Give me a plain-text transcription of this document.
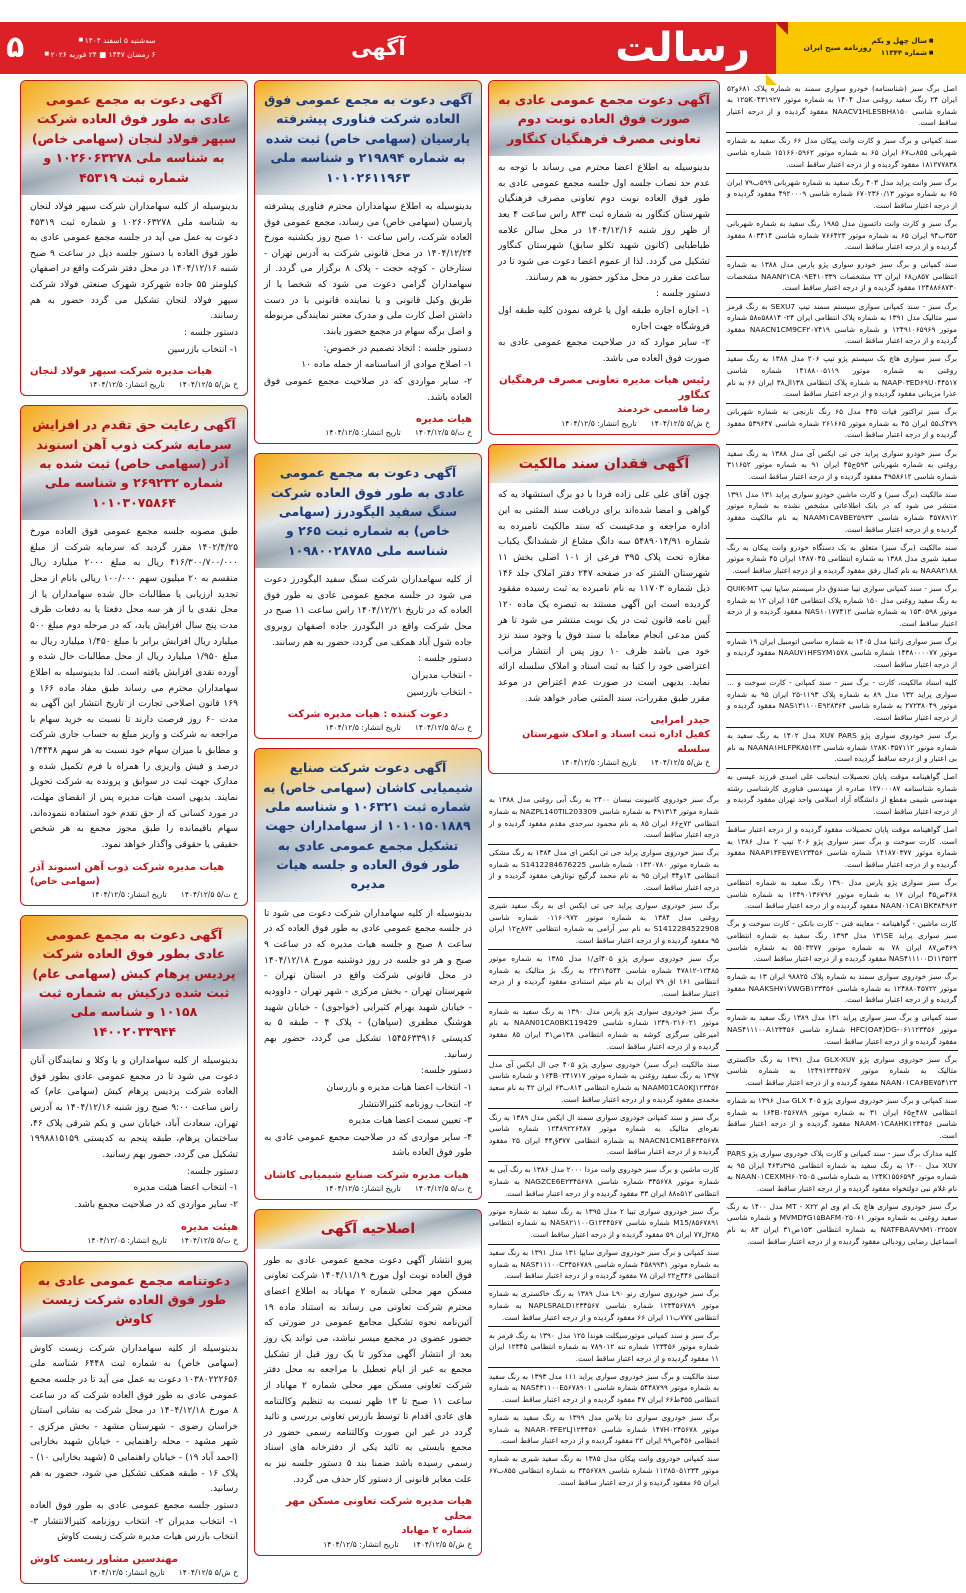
■ سال چهل و یکم
■ شماره ۱۱۳۴۴
روزنامه صبح ایران
رسالت
آگهی
سه‌شنبه ۵ اسفند ۱۴۰۴ ■
۶ رمضان ۱۴۴۷ ■ ۲۴ فوریه ۲۰۲۶ ■
۵
اصل برگ سبز (شناسنامه) خودرو سواری سمند به شماره پلاک ۶۸۱و۵۲ ایران ۲۴ رنگ سفید روغنی مدل ۱۴۰۴ به شماره موتور ۱۲۵K۰۴۳۱۹۲۷ به شماره شاسی NAACV1HLESBH۸۱۵۰ مفقود گردیده و از درجه اعتبار ساقط است.
سند کمپانی و برگ سبز و کارت وانت پیکان مدل ۶۶ رنگ سفید به شماره شهربانی ۸۵۵ب۶۷ ایران ۶۵ به شماره موتور ۱۵۱۶۶۰۵۹۶۲ شماره شاسی ۱۸۱۲۷۷۸۳۸ مفقود گردیده و از درجه اعتبار ساقط است.
برگ سبز وانت پراید مدل ۴۰۳ رنگ سفید به شماره شهربانی ۵۹۹ب۷۹ ایران ۶۵ به شماره موتور ۶۷۰۲۳۶۰/۱۳ شماره شاسی ۴۹۲۰۰۰۹ مفقود گردیده و از درجه اعتبار ساقط است.
برگ سبز و کارت وانت داتسون مدل ۱۹۸۵ رنگ سفید به شماره شهربانی ۳۵۳ب۹۴ ایران ۶۵ به شماره موتور ۷۶۶۴۲۳ شماره شاسی ۸۰۳۴۱۴ مفقود گردیده و از درجه اعتبار ساقط است.
سند کمپانی و برگ سبز خودرو سواری پژو پارس مدل ۱۳۸۸ به شماره انتظامی ۸۵۷ن۶۸ ایران ۲۳ مشخصات NAAN۲۱CA۰۹E۴۱۰۳۳۹ مشخصات ۱۲۴۸۸۶۸۷۳۰ مفقود گردیده و از درجه اعتبار ساقط است.
برگ سبز - سند کمپانی سواری سیستم سمند تیپ SEXU7 به رنگ قرمز سیر متالیک مدل ۱۳۹۱ به شماره پلاک انتظامی ایران ۲۴- ۵۸۸۱۴ه۵۸ شماره موتور ۱۲۴۹۱۰۶۵۹۶۹ و شماره شاسی NAACN1CM9CF۲۰۷۴۱۹ مفقود گردیده و از درجه اعتبار ساقط است.
برگ سبز سواری هاچ بک سیستم پژو تیپ ۲۰۶ مدل ۱۳۸۸ به رنگ سفید روغنی به شماره موتور ۱۴۱۸۸۰۰۵۱۱۹ شماره شاسی NAAP۰۳ED۶۹U۰۴۴۵۱۷ به شماره پلاک انتظامی ۱۳۸ال۳۸ ایران ۶۶ به نام عذرا مزینانی مفقود گردیده و از درجه اعتبار ساقط است.
برگ سبز تراکتور فیات ۴۴۵ مدل ۶۵ رنگ نارنجی به شماره شهربانی ۴۷۹ک۵۵ ایران ۴۵ به شماره موتور ۲۶۱۶۶۵ شماره شاسی ۵۳۹۶۴۷ مفقود گردیده و از درجه اعتبار ساقط است.
برگ سبز خودرو سواری پراید جی تی ایکس آی مدل ۱۳۸۸ به رنگ سفید روغنی به شماره شهربانی ۵۹۳ج۴۵ ایران ۹۱ به شماره موتور ۳۱۱۶۵۲ شماره شاسی ۴۹۵۸۶۱۲ مفقود گردیده و از درجه اعتبار ساقط است.
سند مالکیت (برگ سبز) و کارت ماشین خودرو سواری پراید ۱۳۱ مدل ۱۳۹۱ منتشر می شود که در بانک اطلاعاتی مشخص نشده به شماره موتور ۴۵۷۸۹۱۲ شماره شاسی NAAM۱CA۷BE۲۵۹۳۳ به نام مالکیت مفقود گردیده و از درجه اعتبار ساقط است.
سند مالکیت (برگ سبز) متعلق به یک دستگاه خودرو وانت پیکان به رنگ سفید شیری مدل ۱۳۸۸ به شماره انتظامی ۱۴۸۷۰۴۵ ایران ۴۵ شماره موتور NAAA۲۱۸۸ به نام کمال رفق مفقود گردیده و از درجه اعتبار ساقط است.
برگ سبز - سند کمپانی سواری تیبا صندوق دار سیستم سایپا تیپ QUIK-MT به رنگ سفید روغنی مدل ۱۵۰ شماره پلاک انتظامی ۱۵۳ ایران ۱۲ به شماره موتور ۱۵۳۰۵۹۸ به شماره شاسی NAS۱۰۱۷۷۴۱۲ مفقود گردیده و از درجه اعتبار ساقط است.
برگ سبز سواری زانتیا مدل ۱۴۰۵ به شماره ساسی اتومبیل ایران ۱۹ شماره موتور ۱۴۳۸۰۰۰۰۷۷ شماره شاسی NAAU۷۱HFSYM۱۵۷۸ مفقود گردیده و از درجه اعتبار ساقط است.
کلیه اسناد مالکیت، کارت - برگ سبز - سند کمپانی - کارت سوخت و ... سواری پراید ۱۳۲ مدل ۸۹ به شماره پلاک ۱۱۹۳-۲۵ ایران ۹۵ به شماره موتور ۲۷۲۳۸۰۴۹ به شماره شاسی NAS۱۳۱۱۰۰E۹۲۸۳۶۴ مفقود گردیده و از درجه اعتبار ساقط است.
برگ سبز خودروی سواری پژو XU۷ PARS مدل ۱۴۰۲ به رنگ سفید به شماره موتور ۱۲۸K۰۳۵۷۱۱۲ شماره شاسی NAANA۱HLFPK۸۵۱۲۳ به نام بی اعتبار و از درجه ساقط گردیده است.
اصل گواهینامه موقت پایان تحصیلات اینجانب علی اسدی فرزند عیسی به شماره شناسنامه ۱۲۷۰۰۰۸۷ صادره از مهندسی فناوری کارشناسی رشته مهندسی شیمی مقطع از دانشگاه آزاد اسلامی واحد تهران مفقود گردیده و از درجه اعتبار ساقط است.
اصل گواهینامه موقت پایان تحصیلات مفقود گردیده و از درجه اعتبار ساقط است. کارت سوخت و برگ سبز سواری پژو ۲۰۶ تیپ ۲ مدل ۱۳۸۶ به شماره موتور ۱۴۱۸۷۰۳۷۷ شماره شاسی NAAP۱۳FE۷۷E۱۲۳۴۵۶ مفقود گردیده و از درجه اعتبار ساقط است.
برگ سبز سواری پژو پارس مدل ۱۳۹۰ رنگ سفید به شماره انتظامی ۴۶۸ص۴۵ ایران ۱۷ به شماره موتور ۱۲۴۹۰۱۳۶۷۹۶ به شماره شاسی NAAN۰۱CA۱BK۳۸۴۹۶۳ مفقود گردیده و از درجه اعتبار ساقط است.
کارت ماشین - گواهینامه - معاینه فنی - کارت بانکی - کارت سوخت و برگ سبز سواری پراید ۱۳۱SE مدل ۱۳۹۳ رنگ سفید به شماره انتظامی ۴۶۹ص۸۷ ایران ۷۸ به شماره موتور ۵۵۰۳۲۷۷ به شماره شاسی NAS۴۱۱۱۰۰D۱۱۳۵۲۳ مفقود گردیده و از درجه اعتبار ساقط است.
برگ سبز خودروی سواری سمند به شماره پلاک ۹۸۸۲۵ ایران ۱۳ به شماره موتور ۱۲۴۸۸۰۴۵۷۲۲ به شماره شاسی NAAKSH۷۱VWGB۱۲۳۴۵۶ مفقود گردیده و از درجه اعتبار ساقط است.
سند کمپانی و برگ سبز سواری پراید ۱۳۱ مدل ۱۳۸۹ رنگ سفید به شماره موتور HFC(OA۴)DG-۰۶۱۱۲۳۴۵۶ شماره شاسی NAS۴۱۱۱۰۰A۱۲۳۴۵۶ مفقود گردیده و از درجه اعتبار ساقط است.
برگ سبز خودروی سواری پژو GLX-XU۷ مدل ۱۳۹۱ به رنگ خاکستری متالیک به شماره موتور ۱۲۴۹۱۲۳۴۵۶۷ به شماره شاسی NAAN۰۱CA۶BE۷۵۴۱۲۳ مفقود گردیده و از درجه اعتبار ساقط است.
سند کمپانی و برگ سبز خودروی سواری پژو ۴۰۵ GLX مدل ۱۳۹۶ به شماره انتظامی ۴۸۷ج۶۵ ایران ۳۱ به شماره موتور ۱۶۴B۰۲۵۶۷۸۹ به شماره شاسی NAAM۰۱CA۸HK۱۲۳۴۵۶ مفقود گردیده و از درجه اعتبار ساقط است.
کلیه مدارک برگ سبز - سند کمپانی و کارت پلاک خودروی سواری پژو PARS XU۷ مدل ۱۴۰۰ به رنگ سفید به شماره انتظامی ۳۹۵د۴۶۳ ایران ۹۵ به شماره موتور ۱۲۴K۱۵۵۶۵۹۴ به شماره شاسی NAAN۰۱CEXMH۶۰۲۵۰۵ به نام غلام نبی دولتخواه مفقود گردیده و از درجه اعتبار ساقط است.
برگ سبز خودروی سواری هاچ بک ام وی ام MT - X۲۲ مدل ۱۴۰۰ به رنگ سفید روغنی به شماره موتور MVMD۴G۱۵BAFM۰۲۵۰۶۱ و شماره شاسی NATFBAAV۹M۱۰۲۲۵۵۷ به شماره انتظامی ۱۵۳ص۳۱ ایران ۸۳ به نام اسماعیل رضایی رودبالی مفقود گردیده و از درجه اعتبار ساقط است.
آگهی دعوت مجمع عمومی عادی به صورت فوق العاده نوبت دوم تعاونی مصرف فرهنگیان کنگاور

بدینوسیله به اطلاع اعضا محترم می رساند با توجه به عدم حد نصاب جلسه اول جلسه مجمع عمومی عادی به طور فوق العاده نوبت دوم تعاونی مصرف فرهنگیان شهرستان کنگاور به شماره ثبت ۸۳۳ راس ساعت ۴ بعد از ظهر روز شنبه ۱۴۰۴/۱۲/۱۶ در محل سالن علامه طباطبایی (کانون شهید تکلو سابق) شهرستان کنگاور تشکیل می گردد. لذا از عموم اعضا دعوت می شود تا در ساعت مقرر در محل مذکور حضور به هم رسانند.

دستور جلسه :

۱- اجازه اجاره طبقه اول یا غرفه نمودن کلیه طبقه اول فروشگاه جهت اجاره

۲- سایر موارد که در صلاحیت مجمع عمومی عادی به صورت فوق العاده می باشد.

رئیس هیات مدیره تعاونی مصرف فرهنگیان کنگاور
رضا قاسمی خردمند
خ ش/۵ ۱۴۰۴/۱۲/۵
تاریخ انتشار: ۱۴۰۴/۱۲/۵
آگهی فقدان سند مالکیت

چون آقای علی علی زاده فردا با دو برگ استشهاد یه که گواهی و امضا شده‌اند برای دریافت سند المثنی به این اداره مراجعه و مدعیست که سند مالکیت نامبرده به شماره ۵۴۸۹۰۱۴/۹۱ سه دانگ مشاع از ششدانگ یکباب مغازه تحت پلاک ۳۹۵ فرعی از ۱۰۱ اصلی بخش ۱۱ شهرستان الشتر که در صفحه ۲۴۷ دفتر املاک جلد ۱۴۶ ذیل شماره ۱۱۷۰۳ به نام نامبرده به ثبت رسیده مفقود گردیده است این آگهی مستند به تبصره یک ماده ۱۲۰ آیین نامه قانون ثبت در یک نوبت منتشر می شود تا هر کس مدعی انجام معامله با سند فوق یا وجود سند نزد خود می باشد ظرف ۱۰ روز پس از انتشار مراتب اعتراضی خود را کتبا به ثبت اسناد و املاک سلسله ارائه نماید. بدیهی است در صورت عدم اعتراض در موعد مقرر طبق مقررات، سند المثنی صادر خواهد شد.

حیدر امرایی
کفیل اداره ثبت اسناد و املاک شهرستان سلسله
خ ش/۵ ۱۴۰۴/۱۲/۵
تاریخ انتشار: ۱۴۰۴/۱۲/۵
برگ سبز خودروی کامیونت نیسان ۲۴۰۰ به رنگ آبی روغنی مدل ۱۳۸۸ به شماره موتور ۴۹۱۳۱۴ به شماره شاسی NAZPL140TIL203309 به شماره انتظامی ۷۲ج۶۶ ایران ۸۵ به نام محمود سرحدی مقدم مفقود گردیده و از درجه اعتبار ساقط است.
برگ سبز خودروی سواری پراید جی تی ایکس ای مدل ۱۳۸۴ به رنگ مشکی به شماره موتور ۰۱۳۲۰۷۸۰ شماره شاسی S1412284676225 به شماره انتظامی ۱۴و۳۴ ایران ۹۵ به نام محمد گرگیج نوتازهی مفقود گردیده و از درجه اعتبار ساقط است.
برگ سبز خودروی سواری پراید جی تی ایکس ای به رنگ سفید شیری روغنی مدل ۱۳۸۴ به شماره موتور ۰۱۱۶۰۹۷۲ شماره شاسی S1412284522908 به نام سر آرامی به شماره انتظامی ۸۷۲ج۱۲ ایران ۹۵ مفقود گردیده و از درجه اعتبار ساقط است.
برگ سبز خودروی سواری پژو ۴۰۵ای/۱ مدل ۱۳۸۵ به شماره موتور ۱۲۴۸۵-۴۷۸۱۲ شماره شاسی ۲۴۲۱۴۵۴۴ به رنگ بژ متالیک به شماره انتظامی ۱۶۱ اق ۷۹ ایران به نام میثم استنادی مفقود گردیده و از درجه اعتبار ساقط است.
برگ سبز خودروی سواری پژو پارس مدل ۱۳۹۰ به رنگ سفید به شماره موتور ۱۲۴۹۰۲۱۶۰۲۱ شماره شاسی NAAN01CA0BK119429 به نام امیرعلی سرگزی کوشه به شماره انتظامی ۱۳۸ص۳۱ ایران ۸۵ مفقود گردیده و از درجه اعتبار ساقط است.
سند مالکیت (برگ سبز) خودروی سواری پژو ۴۰۵ جی ال ایکس آی مدل ۱۳۹۷ به رنگ سفید روغنی به شماره موتور ۱۶۴B۰۲۴۱۷۱۷ و شماره شاسی NAAM01CA0KJ۱۲۳۴۵۶ به شماره انتظامی ۸۱۴ب۶۳ ایران ۴۲ به نام سعید محمدی مفقود گردیده و از درجه اعتبار ساقط است.
برگ سبز و سند کمپانی خودروی سواری سمند ال ایکس مدل ۱۳۸۹ به رنگ نقره‌ای متالیک به شماره موتور ۱۲۴۸۹۲۲۶۴۸۷ شماره شاسی NAACN1CM1BF۳۴۵۶۷۸ به شماره انتظامی ۳۷۷ق۴۴ ایران ۲۵ مفقود گردیده و از درجه اعتبار ساقط است.
کارت ماشین و برگ سبز خودروی وانت مزدا ۲۰۰۰ مدل ۱۳۸۶ به رنگ آبی به شماره موتور ۳۴۵۶۷۸ شماره شاسی NAGZCE6E۲۳۴۵۶۷۸ به شماره انتظامی ۵۱۲ه۸۸ ایران ۳۳ مفقود گردیده و از درجه اعتبار ساقط است.
برگ سبز خودروی سواری تیبا ۲ مدل ۱۳۹۵ به رنگ سفید به شماره موتور M15/۸۵۶۷۸۹۱ شماره شاسی NAS۸۲۱۱۰۰G۱۲۳۴۵۶۷ به شماره انتظامی ۲۸۵ل۷۷ ایران ۵۹ مفقود گردیده و از درجه اعتبار ساقط است.
سند کمپانی و برگ سبز خودروی سواری سایپا ۱۳۱ مدل ۱۳۹۱ به رنگ سفید به شماره موتور ۴۵۸۹۹۳۱ شماره شاسی NAS۴۱۱۱۰۰C۳۴۵۶۷۸۹ به شماره انتظامی ۴۴۶ج۲۲ ایران ۷۸ مفقود گردیده و از درجه اعتبار ساقط است.
برگ سبز خودروی سواری رنو L۹۰ مدل ۱۳۸۹ به رنگ خاکستری به شماره موتور ۱۲۳۴۵۶۷۸۹ شماره شاسی NAPLSRALD۱۲۳۴۵۶۷ به شماره انتظامی ۷۷۷ب۱۱ ایران ۶۶ مفقود گردیده و از درجه اعتبار ساقط است.
برگ سبز و سند کمپانی موتورسیکلت هوندا ۱۲۵ مدل ۱۳۹۰ به رنگ قرمز به شماره موتور ۱۲۳۴۵۶ شماره تنه ۷۸۹۰۱۲ به شماره انتظامی ۱۲۳۴۵ ایران ۱۱ مفقود گردیده و از درجه اعتبار ساقط است.
سند مالکیت و برگ سبز خودروی سواری پراید ۱۱۱ مدل ۱۳۹۳ به رنگ سفید به شماره موتور ۵۴۴۸۷۹۹ شماره شاسی NAS۴۳۱۱۰۰E۵۶۷۸۹۰۱ به شماره انتظامی ۳۵۵ط۶۶ ایران ۴۷ مفقود گردیده و از درجه اعتبار ساقط است.
برگ سبز خودروی سواری دنا پلاس مدل ۱۳۹۹ به رنگ سفید به شماره موتور ۱۴۷H۰۲۴۵۶۷۸ شماره شاسی NAAR۰۳FE۲LJ۱۲۳۴۵۶ به شماره انتظامی ۴۵۶ص۹۹ ایران ۲۲ مفقود گردیده و از درجه اعتبار ساقط است.
سند کمپانی خودروی وانت پیکان مدل ۱۳۸۵ به رنگ سفید شیری به شماره موتور ۱۱۲۸۵۰۵۱۲۳۴ شماره شاسی ۳۴۵۶۷۸۹ به شماره انتظامی ۸۵۵ب۶۷ ایران ۶۵ مفقود گردیده و از درجه اعتبار ساقط است.
آگهی دعوت به مجمع عمومی فوق العاده شرکت فناوری پیشرفته پارسیان (سهامی خاص) ثبت شده به شماره ۲۱۹۸۹۴ و شناسه ملی ۱۰۱۰۲۶۱۱۹۶۳

بدینوسیله به اطلاع سهامداران محترم فناوری پیشرفته پارسیان (سهامی خاص) می رساند، مجمع عمومی فوق العاده شرکت، راس ساعت ۱۰ صبح روز یکشنبه مورخ ۱۴۰۴/۱۲/۲۴ در محل قانونی شرکت به آدرس تهران - ستارخان - کوچه حجت - پلاک ۸ برگزار می گردد. از سهامداران گرامی دعوت می شود که شخصا یا از طریق وکیل قانونی و یا نماینده قانونی با در دست داشتن اصل کارت ملی و مدرک معتبر نمایندگی مربوطه و اصل برگه سهام در مجمع حضور یابند.

دستور جلسه : اتخاذ تصمیم در خصوص:

۱- اصلاح موادی از اساسنامه از جمله ماده ۱۰

۲- سایر مواردی که در صلاحیت مجمع عمومی فوق العاده باشد.

هیات مدیره
خ ت/۵ ۱۴۰۴/۱۲/۵
تاریخ انتشار: ۱۴۰۴/۱۲/۵
آگهی دعوت به مجمع عمومی عادی به طور فوق العاده شرکت سنگ سفید الیگودرز (سهامی خاص) به شماره ثبت ۲۶۵ و شناسه ملی ۱۰۹۸۰۰۲۸۷۸۵

از کلیه سهامداران شرکت سنگ سفید الیگودرز دعوت می شود در جلسه مجمع عمومی عادی به طور فوق العاده که در تاریخ ۱۴۰۴/۱۲/۲۱ راس ساعت ۱۱ صبح در محل شرکت واقع در الیگودرز جاده اصفهان روبروی جاده شول آباد همکف می گردد، حضور به هم رسانند.

دستور جلسه :

- انتخاب مدیران

- انتخاب بازرسین

دعوت کننده : هیات مدیره شرکت
خ ت/۵ ۱۴۰۴/۱۲/۵
تاریخ انتشار: ۱۴۰۴/۱۲/۵
آگهی دعوت شرکت صنایع شیمیایی کاشان (سهامی خاص) به شماره ثبت ۱۰۶۳۲۱ و شناسه ملی ۱۰۱۰۱۵۰۱۸۸۹ از سهامداران جهت تشکیل مجمع عمومی عادی به طور فوق العاده و جلسه هیات مدیره

بدینوسیله از کلیه سهامداران شرکت دعوت می شود تا در جلسه مجمع عمومی عادی به طور فوق العاده که در ساعت ۸ صبح و جلسه هیات مدیره که در ساعت ۹ صبح و هر دو جلسه در روز دوشنبه مورخ ۱۴۰۴/۱۲/۱۸ در محل قانونی شرکت واقع در استان تهران - شهرستان تهران - بخش مرکزی - شهر تهران - داوودیه - خیابان شهید بهرام کثیرایی (خواجوی) - خیابان شهید هوشنگ مظفری (سپاهان) - پلاک ۴ - طبقه ۵ به کدپستی ۱۵۴۵۶۳۳۹۱۶ تشکیل می گردد، حضور بهم رسانید.

دستور جلسه:

۱- انتخاب اعضا هیات مدیره و بازرسان

۲- انتخاب روزنامه کثیرالانتشار

۳- تعیین سمت اعضا هیات مدیره

۴- سایر مواردی که در صلاحیت مجمع عمومی عادی به طور فوق العاده باشد

هیات مدیره شرکت صنایع شیمیایی کاشان
خ ت/۵ ۱۴۰۴/۱۲/۵
تاریخ انتشار: ۱۴۰۴/۱۲/۵
اصلاحیه آگهی

پیرو انتشار آگهی دعوت مجمع عمومی عادی به طور فوق العاده نوبت اول مورخ ۱۴۰۴/۱۱/۱۹ شرکت تعاونی مسکن مهر محلی شماره ۲ مهاباد به اطلاع اعضای محترم شرکت تعاونی می رساند به استناد ماده ۱۹ آئین‌نامه نحوه تشکیل مجامع عمومی در صورتی که حضور عضوی در مجمع میسر نباشد، می تواند یک روز بعد از انتشار آگهی مذکور تا یک روز قبل از تشکیل مجمع به غیر از ایام تعطیل با مراجعه به محل دفتر شرکت تعاونی مسکن مهر محلی شماره ۲ مهاباد از ساعت ۱۱ صبح تا ۱۳ ظهر نسبت به تنظیم وکالتنامه های عادی اقدام تا توسط بازرس تعاونی بررسی و تائید گردد در غیر این صورت وکالتنامه رسمی حضور در مجمع بایستی به تائید یکی از دفترخانه های اسناد رسمی رسیده باشد ضمنا بند ۵ دستور جلسه نیز به علت مغایر قانونی از دستور کار حذف می گردد.

هیات مدیره شرکت تعاونی مسکن مهر محلی
شماره ۲ مهاباد
خ ش/۵ ۱۴۰۴/۱۲/۵
تاریخ انتشار: ۱۴۰۴/۱۲/۵
آگهی دعوت به مجمع عمومی عادی به طور فوق العاده شرکت سپهر فولاد لنجان (سهامی خاص) به شناسه ملی ۱۰۲۶۰۶۳۲۷۸ و شماره ثبت ۴۵۳۱۹

بدینوسیله از کلیه سهامداران شرکت سپهر فولاد لنجان به شناسه ملی ۱۰۲۶۰۶۳۲۷۸ و شماره ثبت ۴۵۳۱۹ دعوت به عمل می آید در جلسه مجمع عمومی عادی به طور فوق العاده با دستور جلسه ذیل در ساعت ۹ صبح شنبه ۱۴۰۴/۱۲/۱۶ در محل دفتر شرکت واقع در اصفهان کیلومتر ۵۵ جاده شهرکرد شهرک صنعتی فولاد شرکت سپهر فولاد لنجان تشکیل می گردد حضور به هم رسانند.

دستور جلسه :

۱- انتخاب بازرسین

هیات مدیره شرکت سپهر فولاد لنجان
خ ش/۵ ۱۴۰۴/۱۲/۵
تاریخ انتشار: ۱۴۰۴/۱۲/۵
آگهی رعایت حق تقدم در افزایش سرمایه شرکت ذوب آهن اسنوند آذر (سهامی خاص) ثبت شده به شماره ۲۶۹۲۳۲ و شناسه ملی ۱۰۱۰۳۰۷۵۸۶۴

طبق مصوبه جلسه مجمع عمومی فوق العاده مورخ ۱۴۰۲/۴/۲۵ مقرر گردید که سرمایه شرکت از مبلغ ۴۱۶/۳۰۰/۷۰۰/۰۰۰ ریال به مبلغ ۲۰۰۰ میلیارد ریال منقسم به ۲۰ میلیون سهم ۱۰۰/۰۰۰ ریالی بانام از محل تجدید ارزیابی یا مطالبات حال شده سهامداران یا از محل نقدی یا از هر سه محل دفعتا یا به دفعات ظرف مدت پنج سال افزایش یابد، که در مرحله دوم مبلغ ۵۰۰ میلیارد ریال افزایش برابر با مبلغ ۱/۴۵۰ میلیارد ریال به مبلغ ۱/۹۵۰ میلیارد ریال از محل مطالبات حال شده و آورده نقدی افزایش یافته است. لذا بدینوسیله به اطلاع سهامداران محترم می رساند طبق مفاد ماده ۱۶۶ و ۱۶۹ قانون اصلاحی تجارت از تاریخ انتشار این آگهی به مدت ۶۰ روز فرصت دارند تا نسبت به خرید سهام با مراجعه به شرکت و واریز مبلغ به حساب جاری شرکت و مطابق با میزان سهام خود نسبت به هر سهم ۱/۴۴۴۸ درصد و فیش واریزی را همراه با فرم تکمیل شده و مدارک جهت ثبت در سوابق و پرونده به شرکت تحویل نمایند. بدیهی است هیات مدیره پس از انقضای مهلت، در مورد کسانی که از حق تقدم خود استفاده ننموده‌اند، سهام باقیمانده را طبق مجوز مجمع به هر شخص حقیقی یا حقوقی واگذار خواهد نمود.

هیات مدیره شرکت ذوب آهن اسنوند آذر
(سهامی خاص)
خ ت/۵ ۱۴۰۴/۱۲/۵
تاریخ انتشار: ۱۴۰۴/۱۲/۵
آگهی دعوت به مجمع عمومی عادی بطور فوق العاده شرکت پردیس پرهام کیش (سهامی عام) ثبت شده درکیش به شماره ثبت ۱۰۱۵۸ و شناسه ملی ۱۴۰۰۲۰۳۳۹۴۴

بدینوسیله از کلیه سهامداران و یا وکلا و نمایندگان آنان دعوت می شود تا در مجمع عمومی عادی بطور فوق العاده شرکت پردیس پرهام کیش (سهامی عام) که راس ساعت ۹:۰۰ صبح روز شنبه ۱۴۰۴/۱۲/۱۶ به آدرس تهران، سعادت آباد، خیابان سی و یکم شرقی پلاک ۴۶، ساختمان پرهام، طبقه پنجم به کدپستی ۱۹۹۸۸۱۵۱۵۹ تشکیل می گردد، حضور بهم رسانید.

دستور جلسه:

۱- انتخاب اعضا هیئت مدیره

۲- سایر مواردی که در صلاحیت مجمع باشد.

هیئت مدیره
خ ت/۵ ۱۴۰۴/۱۲/۵
تاریخ انتشار: ۱۴۰۴/۱۲/۰۵
دعوتنامه مجمع عمومی عادی به طور فوق العاده شرکت زیست کاوش

بدینوسیله از کلیه سهامداران شرکت زیست کاوش (سهامی خاص) به شماره ثبت ۶۴۴۸ شناسه ملی ۱۰۳۸۰۲۲۲۶۵۶ دعوت به عمل می آید تا در جلسه مجمع عمومی عادی به طور فوق العاده شرکت که در ساعت ۸ مورخ ۱۴۰۴/۱۲/۱۸ در محل شرکت به نشانی استان خراسان رضوی - شهرستان مشهد - بخش مرکزی - شهر مشهد - محله راهنمایی - خیابان شهید بخارایی (احمد آباد ۱۹) - خیابان راهنمایی ۵ (شهید بخارایی ۱۰) - پلاک ۱۶ - طبقه همکف تشکیل می شود، حضور به هم رسانید.

دستور جلسه مجمع عمومی عادی به طور فوق العاده ۱- انتخاب مدیران ۲- انتخاب روزنامه کثیرالانتشار ۳- انتخاب بازرس هیات مدیره شرکت زیست کاوش

مهندسین مشاور زیست کاوش
خ ش/۵ ۱۴۰۴/۱۲/۵
تاریخ انتشار: ۱۴۰۴/۱۲/۵
